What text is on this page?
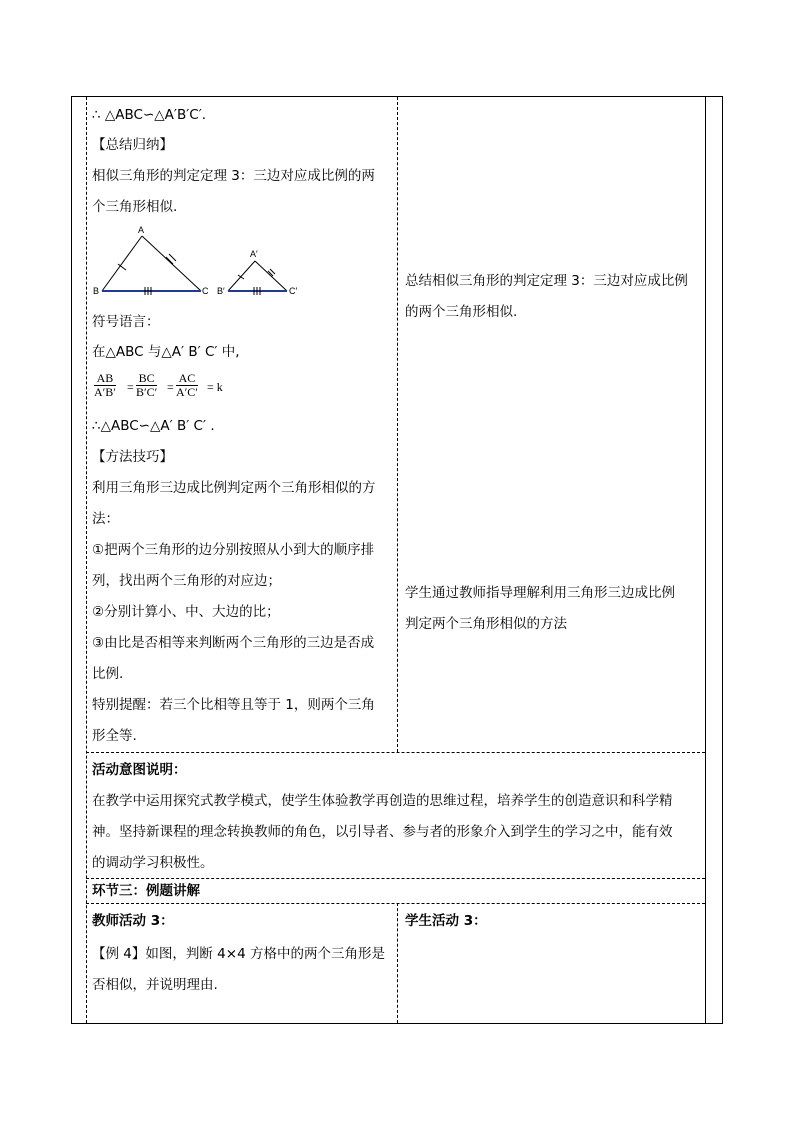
∴ △ABC∽△A′B′C′.
【总结归纳】
相似三角形的判定定理 3：三边对应成比例的两
个三角形相似.
A
B	C
A′
B′	C′
符号语言：
在△ABC 与△A′ B′ C′ 中,
$\frac{AB}{A'B'} = \frac{BC}{B'C'} = \frac{AC}{A'C'} = k$
∴△ABC∽△A′ B′ C′ .
【方法技巧】
利用三角形三边成比例判定两个三角形相似的方
法：
①把两个三角形的边分别按照从小到大的顺序排
列，找出两个三角形的对应边；
②分别计算小、中、大边的比；
③由比是否相等来判断两个三角形的三边是否成
比例.
特别提醒：若三个比相等且等于 1，则两个三角
形全等.
总结相似三角形的判定定理 3：三边对应成比例
的两个三角形相似.
学生通过教师指导理解利用三角形三边成比例
判定两个三角形相似的方法
活动意图说明：
在教学中运用探究式教学模式，使学生体验教学再创造的思维过程，培养学生的创造意识和科学精
神。坚持新课程的理念转换教师的角色，以引导者、参与者的形象介入到学生的学习之中，能有效
的调动学习积极性。
环节三：例题讲解
教师活动 3：	学生活动 3：
【例 4】如图，判断 4×4 方格中的两个三角形是
否相似，并说明理由.
